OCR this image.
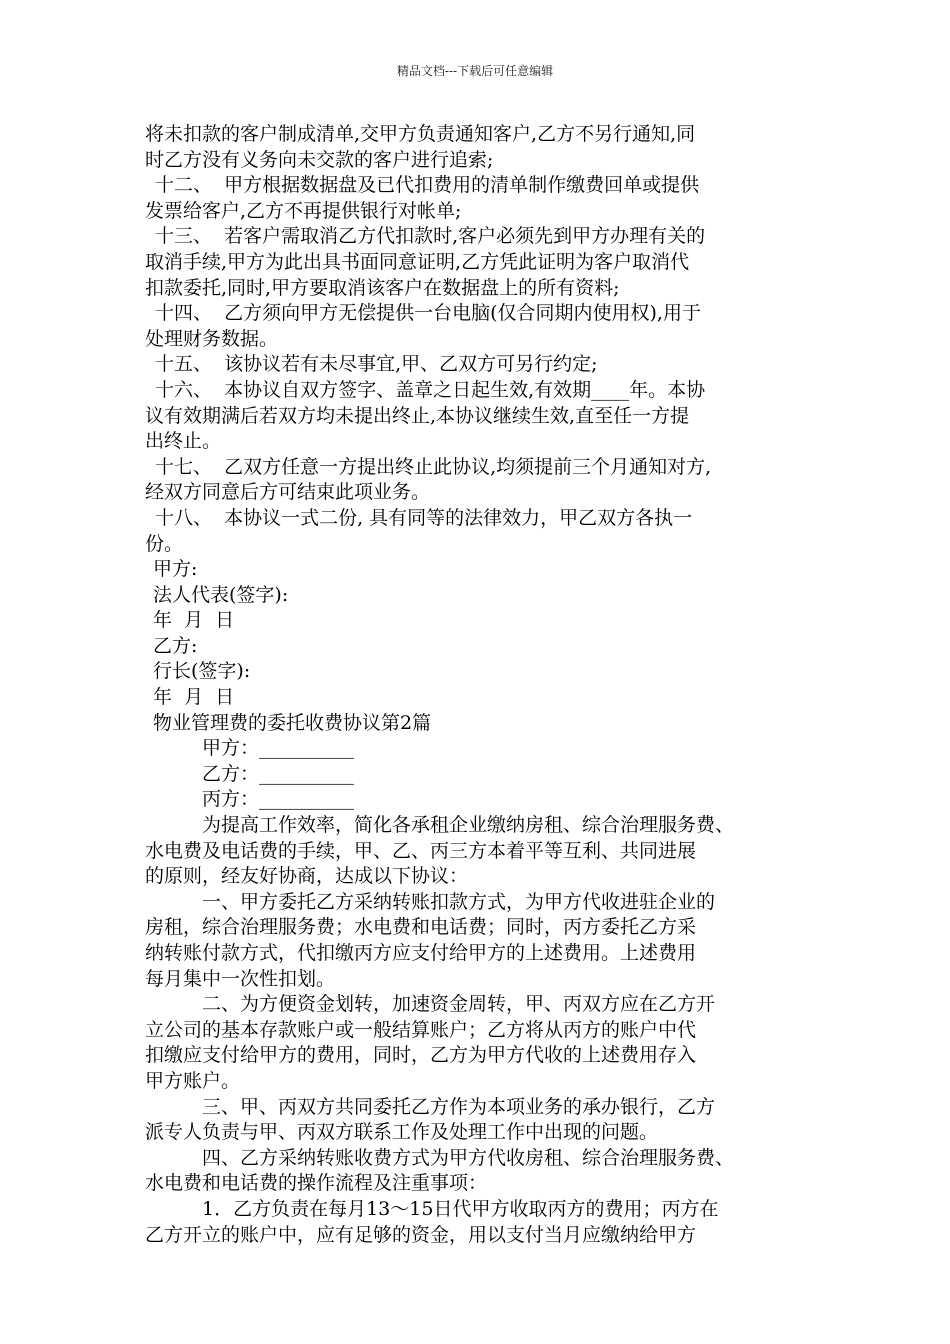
精品文档---下载后可任意编辑
将未扣款的客户制成清单,交甲方负责通知客户,乙方不另行通知,同
时乙方没有义务向未交款的客户进行追索;
十二、  甲方根据数据盘及已代扣费用的清单制作缴费回单或提供
发票给客户,乙方不再提供银行对帐单;
十三、  若客户需取消乙方代扣款时,客户必须先到甲方办理有关的
取消手续,甲方为此出具书面同意证明,乙方凭此证明为客户取消代
扣款委托,同时,甲方要取消该客户在数据盘上的所有资料;
十四、  乙方须向甲方无偿提供一台电脑(仅合同期内使用权),用于
处理财务数据。
十五、  该协议若有未尽事宜,甲、乙双方可另行约定;
十六、  本协议自双方签字、盖章之日起生效,有效期____年。本协
议有效期满后若双方均未提出终止,本协议继续生效,直至任一方提
出终止。
十七、  乙双方任意一方提出终止此协议,均须提前三个月通知对方,
经双方同意后方可结束此项业务。
十八、  本协议一式二份, 具有同等的法律效力，甲乙双方各执一
份。
甲方:
法人代表(签字):
年  月  日
乙方:
行长(签字):
年  月  日
物业管理费的委托收费协议第2篇
甲方：__________
乙方：__________
丙方：__________
为提高工作效率，简化各承租企业缴纳房租、综合治理服务费、
水电费及电话费的手续，甲、乙、丙三方本着平等互利、共同进展
的原则，经友好协商，达成以下协议：
一、甲方委托乙方采纳转账扣款方式，为甲方代收进驻企业的
房租，综合治理服务费；水电费和电话费；同时，丙方委托乙方采
纳转账付款方式，代扣缴丙方应支付给甲方的上述费用。上述费用
每月集中一次性扣划。
二、为方便资金划转，加速资金周转，甲、丙双方应在乙方开
立公司的基本存款账户或一般结算账户；乙方将从丙方的账户中代
扣缴应支付给甲方的费用，同时，乙方为甲方代收的上述费用存入
甲方账户。
三、甲、丙双方共同委托乙方作为本项业务的承办银行，乙方
派专人负责与甲、丙双方联系工作及处理工作中出现的问题。
四、乙方采纳转账收费方式为甲方代收房租、综合治理服务费、
水电费和电话费的操作流程及注重事项：
1．乙方负责在每月13～15日代甲方收取丙方的费用；丙方在
乙方开立的账户中，应有足够的资金，用以支付当月应缴纳给甲方
